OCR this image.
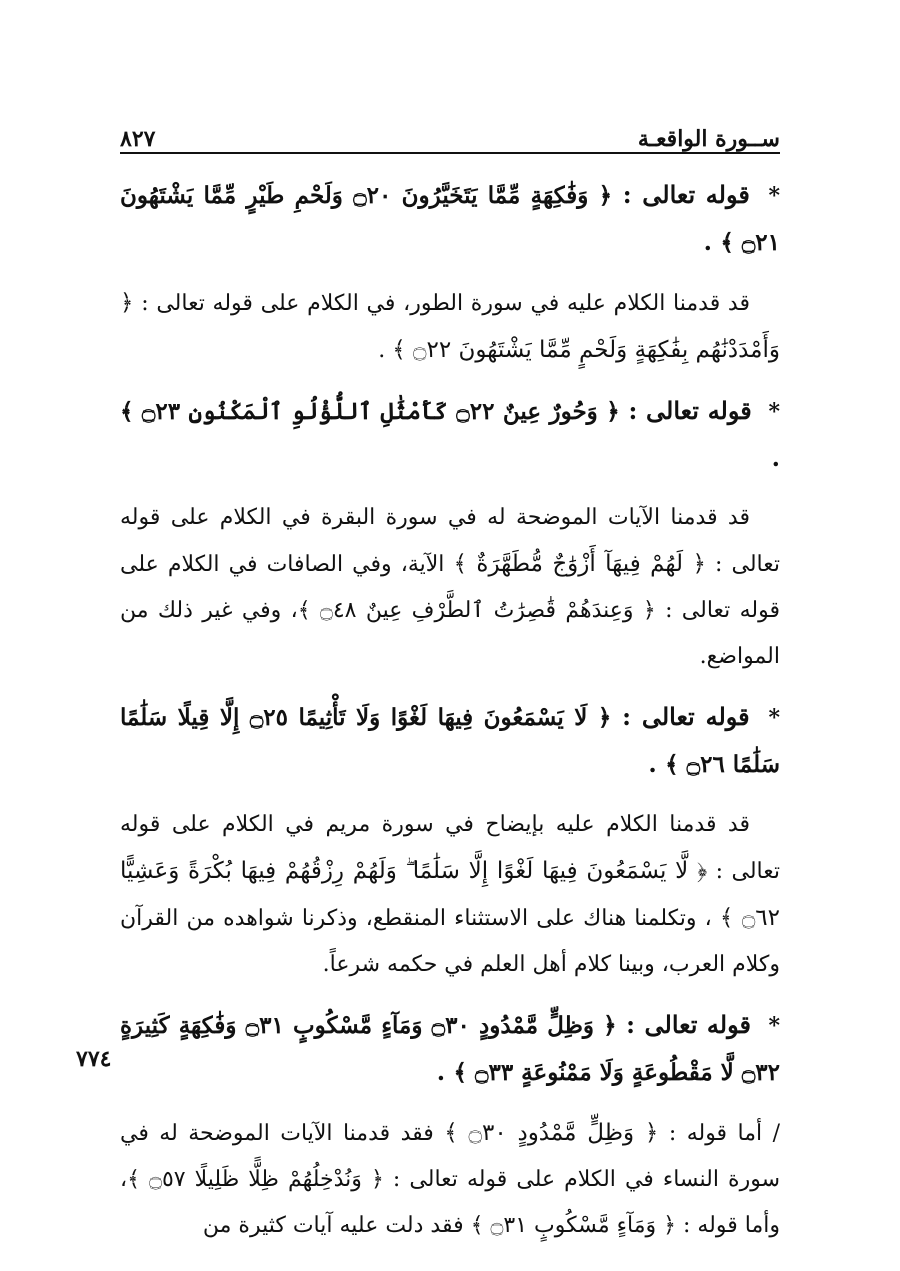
ســورة الواقعـة
٨٢٧
٧٧٤

* قوله تعالى : ﴿ وَفَٰكِهَةٍ مِّمَّا يَتَخَيَّرُونَ ۝٢٠ وَلَحْمِ طَيْرٍ مِّمَّا يَشْتَهُونَ ۝٢١ ﴾ .

قد قدمنا الكلام عليه في سورة الطور، في الكلام على قوله تعالى : ﴿ وَأَمْدَدْنَٰهُم بِفَٰكِهَةٍ وَلَحْمٍ مِّمَّا يَشْتَهُونَ ۝٢٢ ﴾ .

* قوله تعالى : ﴿ وَحُورٌ عِينٌ ۝٢٢ كَأَمْثَٰلِ ٱللُّؤْلُوِ ٱلْمَكْنُونِ ۝٢٣ ﴾ .

قد قدمنا الآيات الموضحة له في سورة البقرة في الكلام على قوله تعالى : ﴿ لَهُمْ فِيهَآ أَزْوَٰجٌ مُّطَهَّرَةٌ ﴾ الآية، وفي الصافات في الكلام على قوله تعالى : ﴿ وَعِندَهُمْ قَٰصِرَٰتُ ٱلطَّرْفِ عِينٌ ۝٤٨ ﴾، وفي غير ذلك من المواضع.

* قوله تعالى : ﴿ لَا يَسْمَعُونَ فِيهَا لَغْوًا وَلَا تَأْثِيمًا ۝٢٥ إِلَّا قِيلًا سَلَٰمًا سَلَٰمًا ۝٢٦ ﴾ .

قد قدمنا الكلام عليه بإيضاح في سورة مريم في الكلام على قوله تعالى : ﴿ لَّا يَسْمَعُونَ فِيهَا لَغْوًا إِلَّا سَلَٰمًا ۖ وَلَهُمْ رِزْقُهُمْ فِيهَا بُكْرَةً وَعَشِيًّا ۝٦٢ ﴾ ، وتكلمنا هناك على الاستثناء المنقطع، وذكرنا شواهده من القرآن وكلام العرب، وبينا كلام أهل العلم في حكمه شرعاً.

* قوله تعالى : ﴿ وَظِلٍّ مَّمْدُودٍ ۝٣٠ وَمَآءٍ مَّسْكُوبٍ ۝٣١ وَفَٰكِهَةٍ كَثِيرَةٍ ۝٣٢ لَّا مَقْطُوعَةٍ وَلَا مَمْنُوعَةٍ ۝٣٣ ﴾ .

/ أما قوله : ﴿ وَظِلٍّ مَّمْدُودٍ ۝٣٠ ﴾ فقد قدمنا الآيات الموضحة له في سورة النساء في الكلام على قوله تعالى : ﴿ وَنُدْخِلُهُمْ ظِلًّا ظَلِيلًا ۝٥٧ ﴾، وأما قوله : ﴿ وَمَآءٍ مَّسْكُوبٍ ۝٣١ ﴾ فقد دلت عليه آيات كثيرة من
